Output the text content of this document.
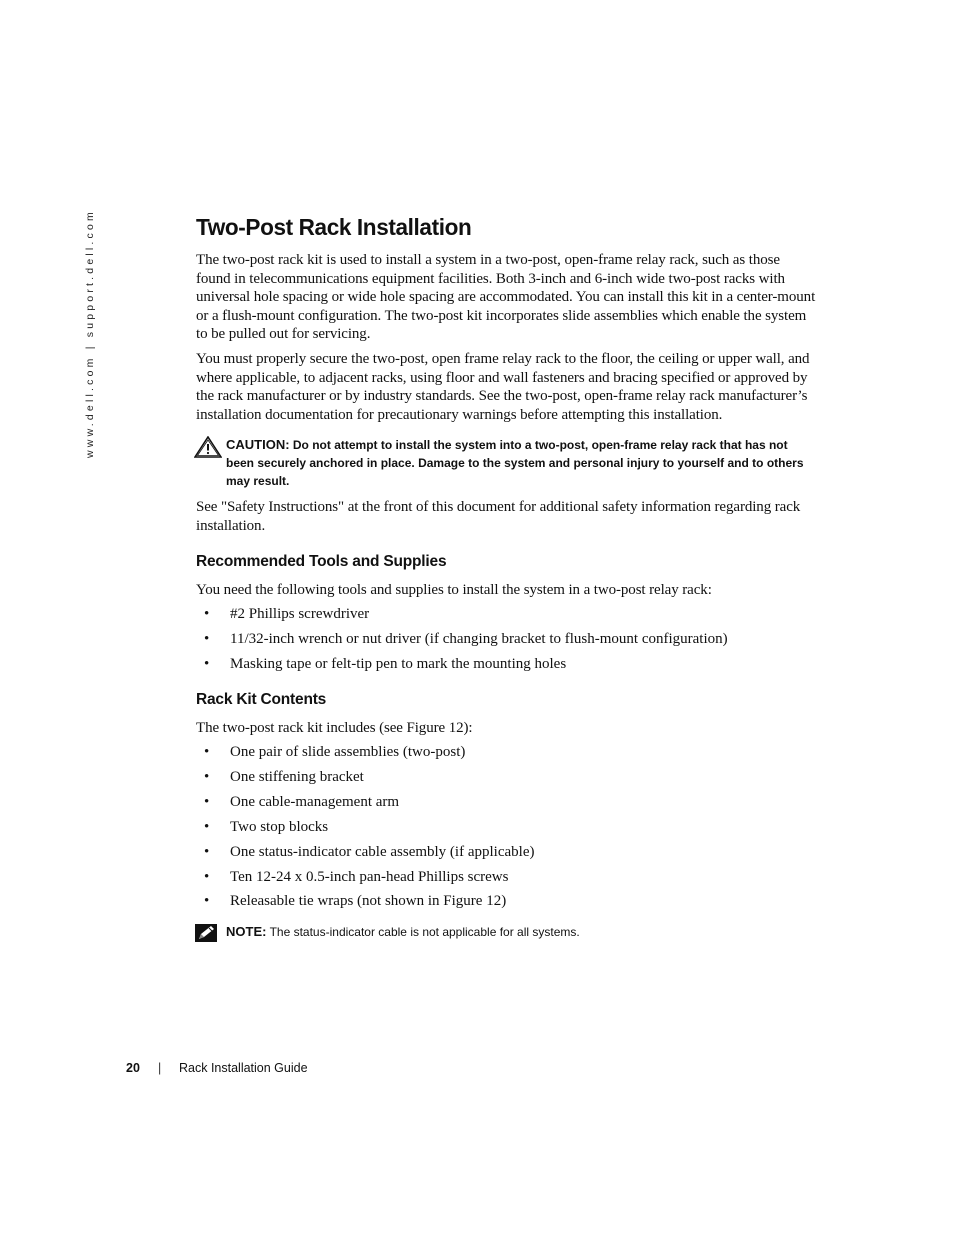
www.dell.com | support.dell.com	Two-Post Rack Installation

The two-post rack kit is used to install a system in a two-post, open-frame relay rack, such as those found in telecommunications equipment facilities. Both 3-inch and 6-inch wide two-post racks with universal hole spacing or wide hole spacing are accommodated. You can install this kit in a center-mount or a flush-mount configuration. The two-post kit incorporates slide assemblies which enable the system to be pulled out for servicing.

You must properly secure the two-post, open frame relay rack to the floor, the ceiling or upper wall, and where applicable, to adjacent racks, using floor and wall fasteners and bracing specified or approved by the rack manufacturer or by industry standards. See the two-post, open-frame relay rack manufacturer’s installation documentation for precautionary warnings before attempting this installation.

CAUTION: Do not attempt to install the system into a two-post, open-frame relay rack that has not been securely anchored in place. Damage to the system and personal injury to yourself and to others may result.

See "Safety Instructions" at the front of this document for additional safety information regarding rack installation.

Recommended Tools and Supplies

You need the following tools and supplies to install the system in a two-post relay rack:

• #2 Phillips screwdriver
• 11/32-inch wrench or nut driver (if changing bracket to flush-mount configuration)
• Masking tape or felt-tip pen to mark the mounting holes
Rack Kit Contents

The two-post rack kit includes (see Figure 12):

• One pair of slide assemblies (two-post)
• One stiffening bracket
• One cable-management arm
• Two stop blocks
• One status-indicator cable assembly (if applicable)
• Ten 12-24 x 0.5-inch pan-head Phillips screws
• Releasable tie wraps (not shown in Figure 12)
NOTE: The status-indicator cable is not applicable for all systems.
20	|	Rack Installation Guide
